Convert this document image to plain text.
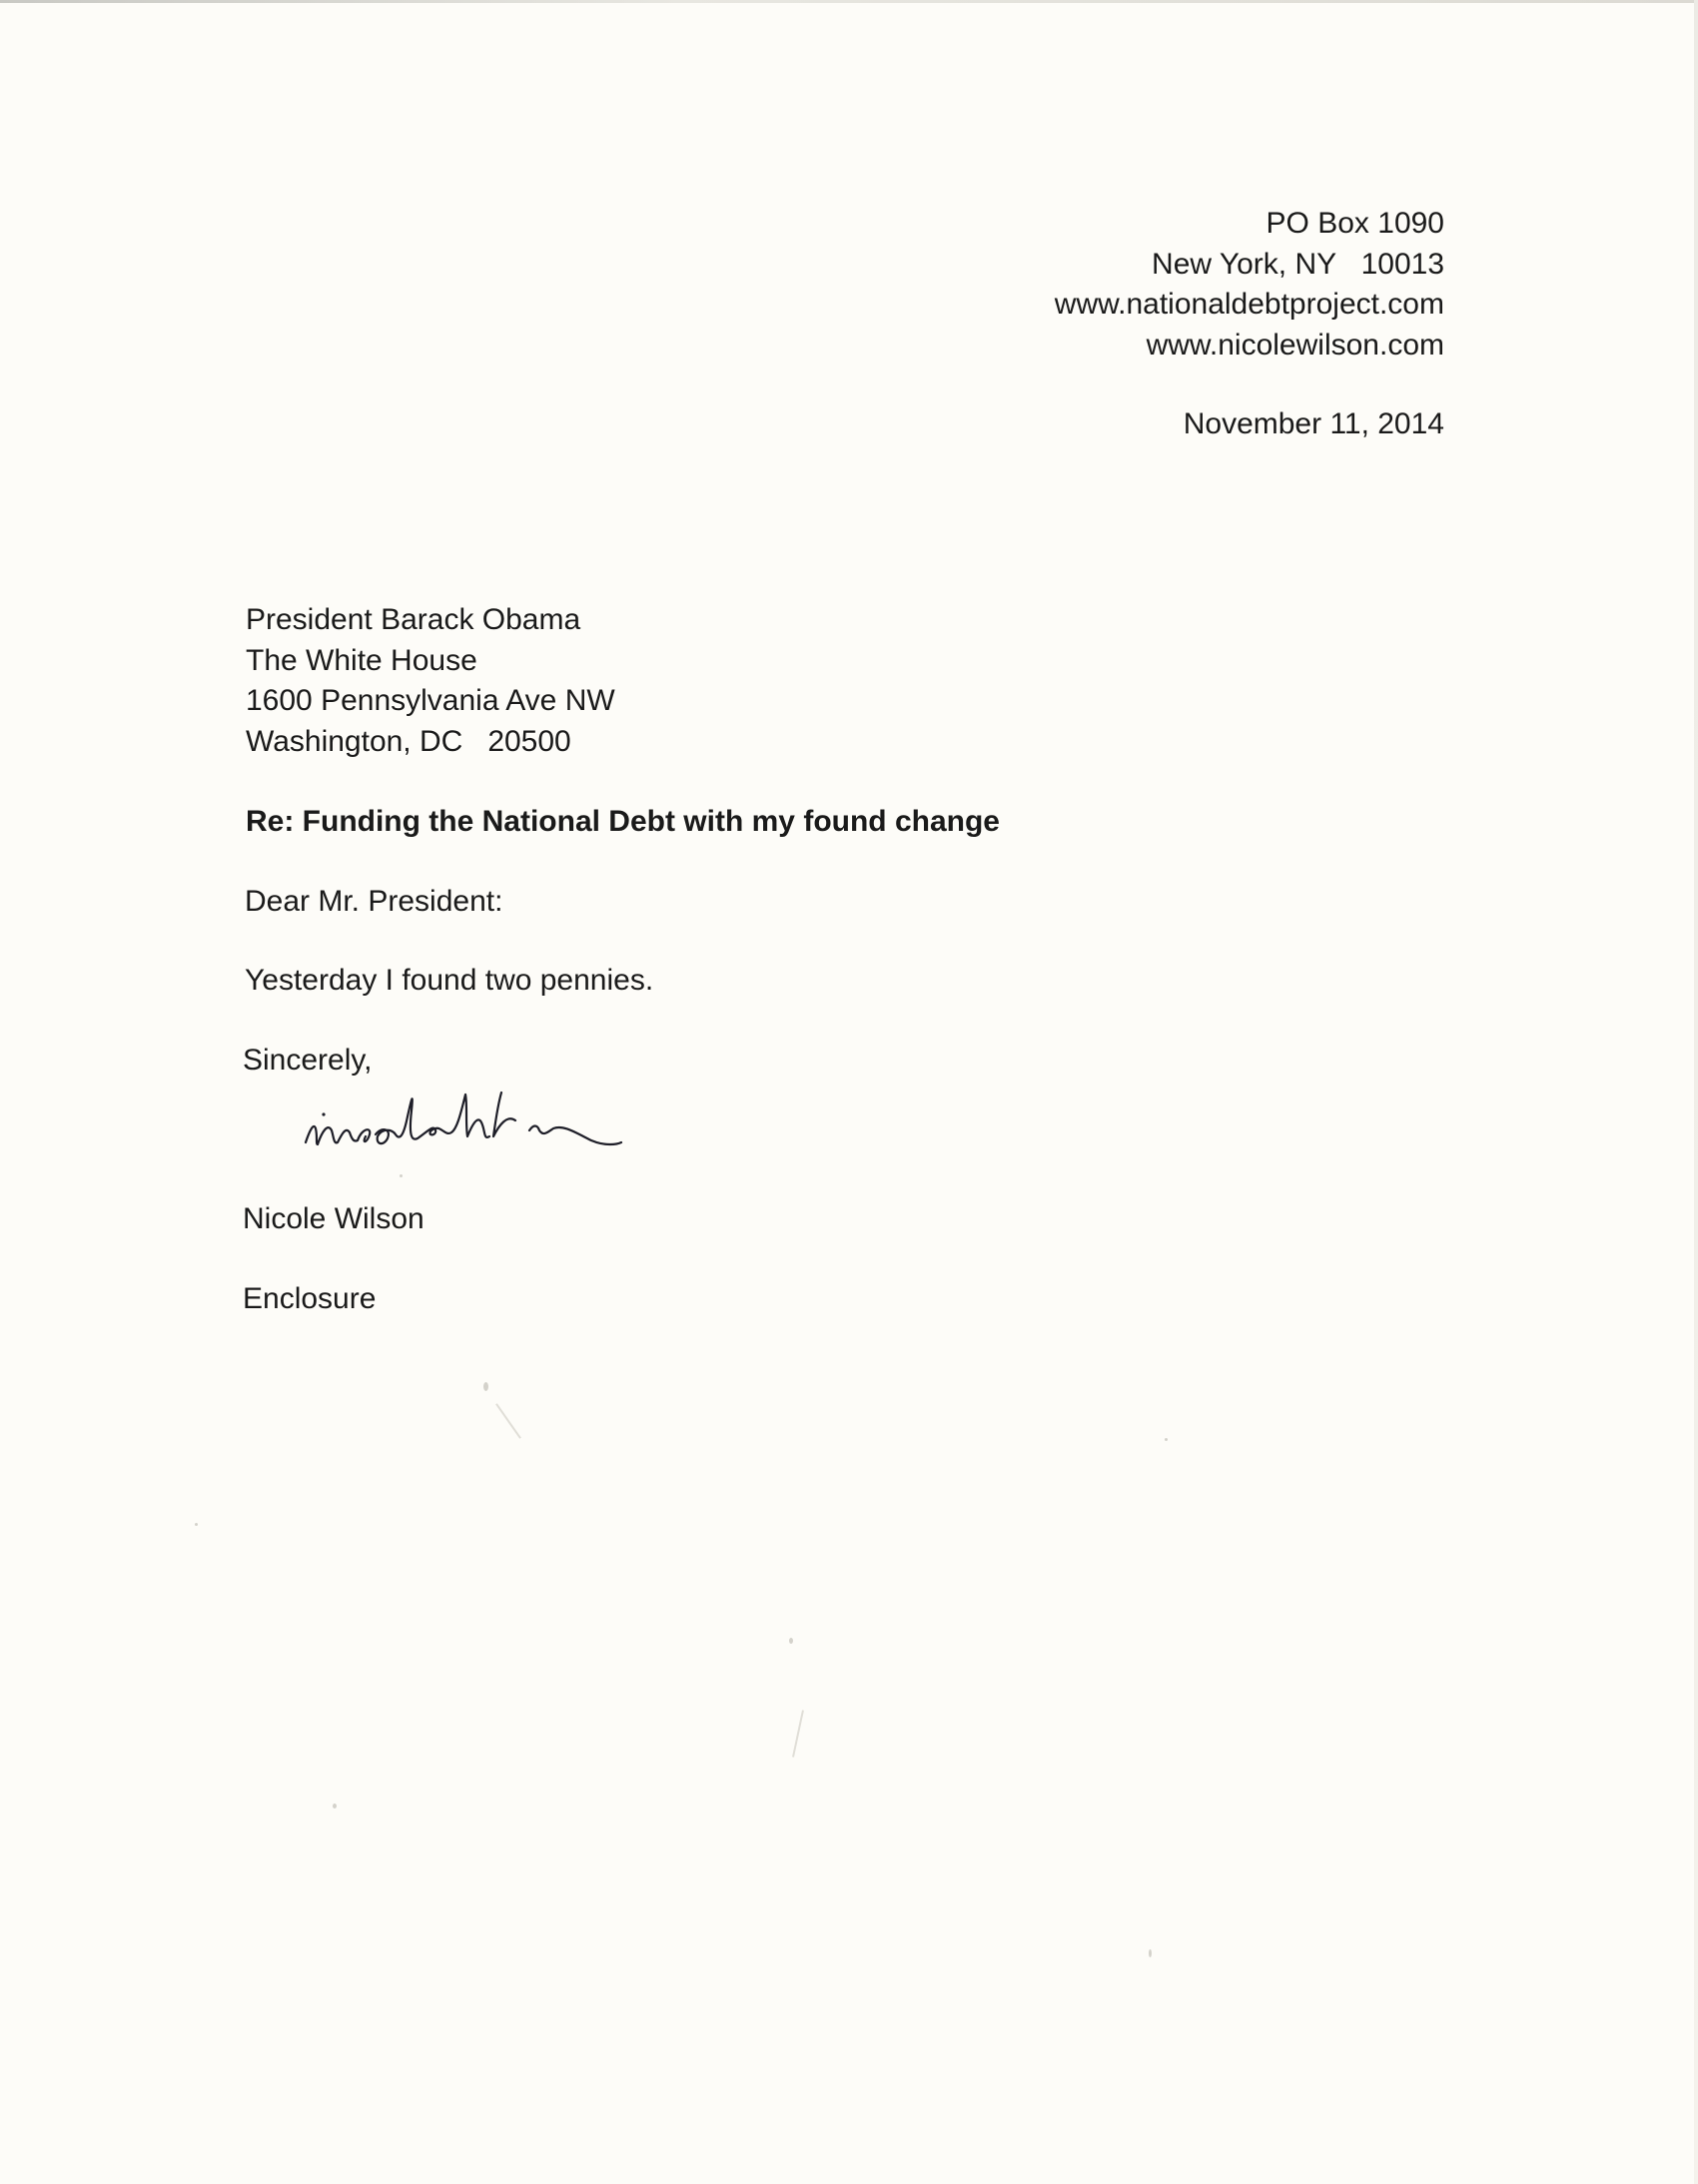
PO Box 1090
New York, NY   10013
www.nationaldebtproject.com
www.nicolewilson.com
November 11, 2014
President Barack Obama
The White House
1600 Pennsylvania Ave NW
Washington, DC   20500
Re: Funding the National Debt with my found change
Dear Mr. President:
Yesterday I found two pennies.
Sincerely,
Nicole Wilson
Enclosure
